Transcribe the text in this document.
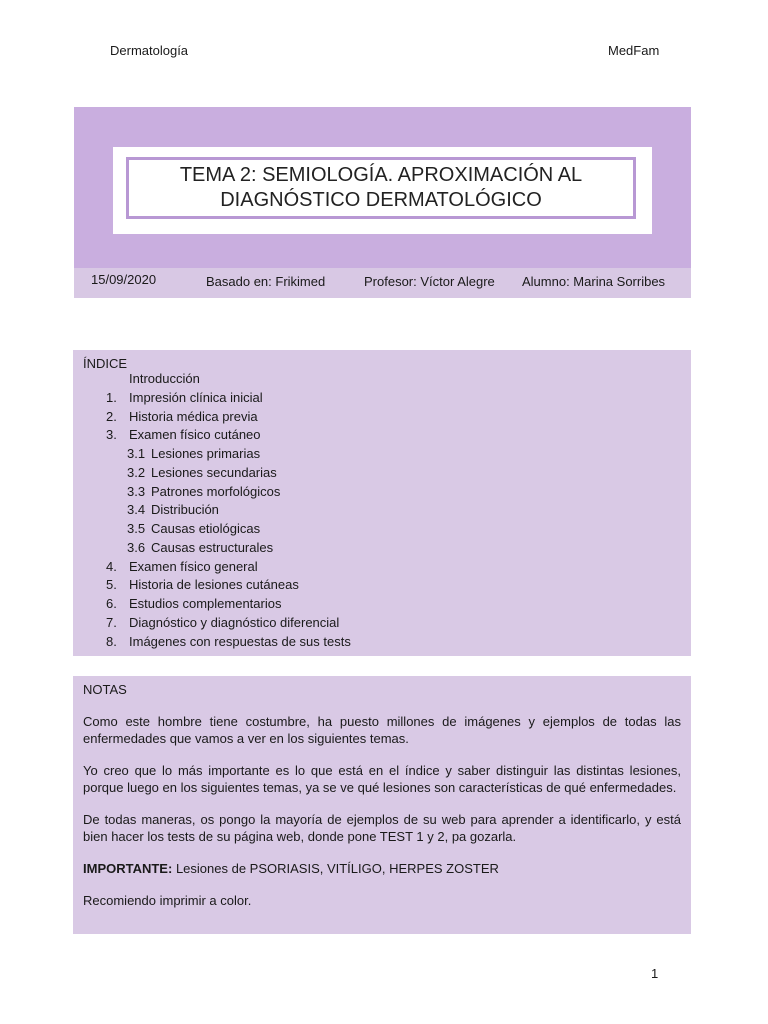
Dermatología	MedFam
TEMA 2: SEMIOLOGÍA. APROXIMACIÓN AL
DIAGNÓSTICO DERMATOLÓGICO
15/09/2020	Basado en: Frikimed	Profesor: Víctor Alegre Alumno: Marina Sorribes
ÍNDICE
Introducción
1. Impresión clínica inicial
2. Historia médica previa
3. Examen físico cutáneo
3.1 Lesiones primarias
3.2 Lesiones secundarias
3.3 Patrones morfológicos
3.4 Distribución
3.5 Causas etiológicas
3.6 Causas estructurales
4. Examen físico general
5. Historia de lesiones cutáneas
6. Estudios complementarios
7. Diagnóstico y diagnóstico diferencial
8. Imágenes con respuestas de sus tests

NOTAS

Como este hombre tiene costumbre, ha puesto millones de imágenes y ejemplos de todas las enfermedades que vamos a ver en los siguientes temas.

Yo creo que lo más importante es lo que está en el índice y saber distinguir las distintas lesiones, porque luego en los siguientes temas, ya se ve qué lesiones son características de qué enfermedades.

De todas maneras, os pongo la mayoría de ejemplos de su web para aprender a identificarlo, y está bien hacer los tests de su página web, donde pone TEST 1 y 2, pa gozarla.

IMPORTANTE: Lesiones de PSORIASIS, VITÍLIGO, HERPES ZOSTER

Recomiendo imprimir a color.

1
